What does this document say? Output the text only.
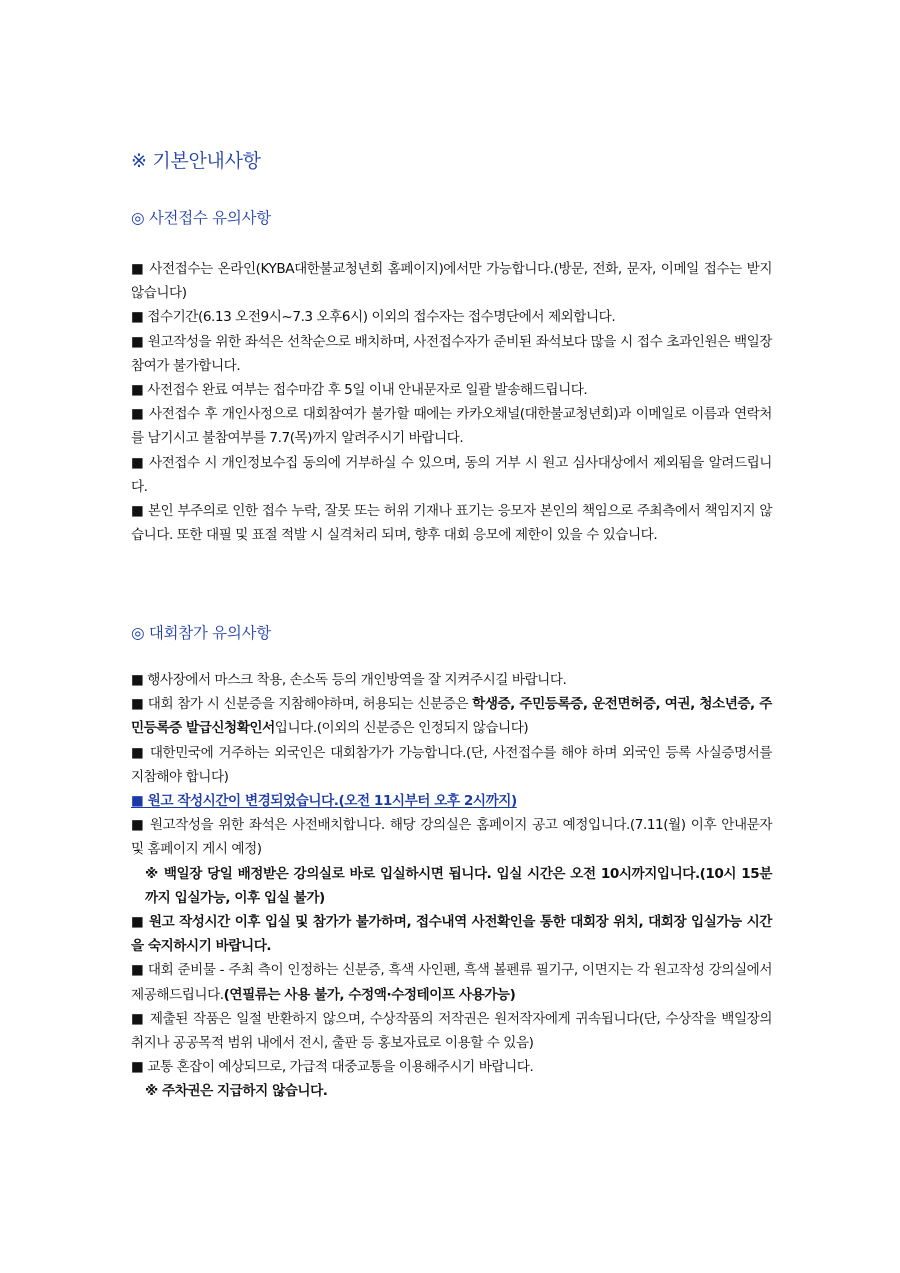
※ 기본안내사항
◎ 사전접수 유의사항

■ 사전접수는 온라인(KYBA대한불교청년회 홈페이지)에서만 가능합니다.(방문, 전화, 문자, 이메일 접수는 받지 않습니다)

■ 접수기간(6.13 오전9시~7.3 오후6시) 이외의 접수자는 접수명단에서 제외합니다.

■ 원고작성을 위한 좌석은 선착순으로 배치하며, 사전접수자가 준비된 좌석보다 많을 시 접수 초과인원은 백일장 참여가 불가합니다.

■ 사전접수 완료 여부는 접수마감 후 5일 이내 안내문자로 일괄 발송해드립니다.

■ 사전접수 후 개인사정으로 대회참여가 불가할 때에는 카카오채널(대한불교청년회)과 이메일로 이름과 연락처를 남기시고 불참여부를 7.7(목)까지 알려주시기 바랍니다.

■ 사전접수 시 개인정보수집 동의에 거부하실 수 있으며, 동의 거부 시 원고 심사대상에서 제외됨을 알려드립니다.

■ 본인 부주의로 인한 접수 누락, 잘못 또는 허위 기재나 표기는 응모자 본인의 책임으로 주최측에서 책임지지 않습니다. 또한 대필 및 표절 적발 시 실격처리 되며, 향후 대회 응모에 제한이 있을 수 있습니다.

◎ 대회참가 유의사항

■ 행사장에서 마스크 착용, 손소독 등의 개인방역을 잘 지켜주시길 바랍니다.

■ 대회 참가 시 신분증을 지참해야하며, 허용되는 신분증은 학생증, 주민등록증, 운전면허증, 여권, 청소년증, 주민등록증 발급신청확인서입니다.(이외의 신분증은 인정되지 않습니다)

■ 대한민국에 거주하는 외국인은 대회참가가 가능합니다.(단, 사전접수를 해야 하며 외국인 등록 사실증명서를 지참해야 합니다)

■ 원고 작성시간이 변경되었습니다.(오전 11시부터 오후 2시까지)

■ 원고작성을 위한 좌석은 사전배치합니다. 해당 강의실은 홈페이지 공고 예정입니다.(7.11(월) 이후 안내문자 및 홈페이지 게시 예정)

※ 백일장 당일 배정받은 강의실로 바로 입실하시면 됩니다. 입실 시간은 오전 10시까지입니다.(10시 15분까지 입실가능, 이후 입실 불가)

■ 원고 작성시간 이후 입실 및 참가가 불가하며, 접수내역 사전확인을 통한 대회장 위치, 대회장 입실가능 시간을 숙지하시기 바랍니다.

■ 대회 준비물 - 주최 측이 인정하는 신분증, 흑색 사인펜, 흑색 볼펜류 필기구, 이면지는 각 원고작성 강의실에서 제공해드립니다.(연필류는 사용 불가, 수정액·수정테이프 사용가능)

■ 제출된 작품은 일절 반환하지 않으며, 수상작품의 저작권은 원저작자에게 귀속됩니다(단, 수상작을 백일장의 취지나 공공목적 범위 내에서 전시, 출판 등 홍보자료로 이용할 수 있음)

■ 교통 혼잡이 예상되므로, 가급적 대중교통을 이용해주시기 바랍니다.

※ 주차권은 지급하지 않습니다.
